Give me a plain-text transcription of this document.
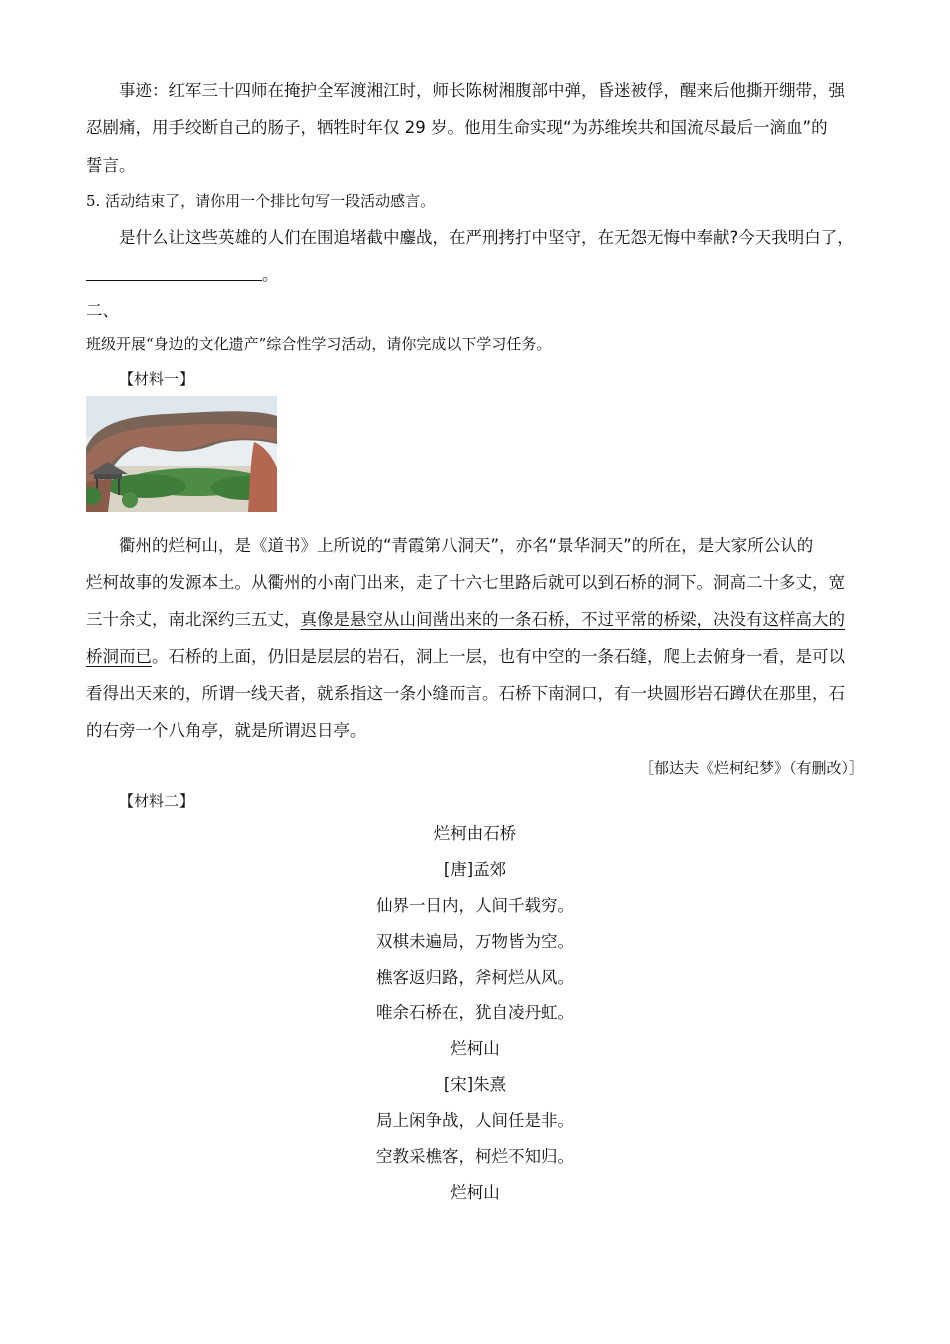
事迹：红军三十四师在掩护全军渡湘江时，师长陈树湘腹部中弹，昏迷被俘，醒来后他撕开绷带，强
忍剧痛，用手绞断自己的肠子，牺牲时年仅 29 岁。他用生命实现“为苏维埃共和国流尽最后一滴血”的
誓言。
5. 活动结束了，请你用一个排比句写一段活动感言。
是什么让这些英雄的人们在围追堵截中鏖战，在严刑拷打中坚守，在无怨无悔中奉献?今天我明白了，
。
二、
班级开展“身边的文化遗产”综合性学习活动，请你完成以下学习任务。
【材料一】
衢州的烂柯山，是《道书》上所说的“青霞第八洞天”，亦名“景华洞天”的所在，是大家所公认的
烂柯故事的发源本土。从衢州的小南门出来，走了十六七里路后就可以到石桥的洞下。洞高二十多丈，宽
三十余丈，南北深约三五丈，真像是悬空从山间凿出来的一条石桥，不过平常的桥梁，决没有这样高大的
桥洞而已。石桥的上面，仍旧是层层的岩石，洞上一层，也有中空的一条石缝，爬上去俯身一看，是可以
看得出天来的，所谓一线天者，就系指这一条小缝而言。石桥下南洞口，有一块圆形岩石蹲伏在那里，石
的右旁一个八角亭，就是所谓迟日亭。
［郁达夫《烂柯纪梦》（有删改）］
【材料二】
烂柯由石桥
[唐]孟郊
仙界一日内，人间千载穷。
双棋未遍局，万物皆为空。
樵客返归路，斧柯烂从风。
唯余石桥在，犹自凌丹虹。
烂柯山
[宋]朱熹
局上闲争战，人间任是非。
空教采樵客，柯烂不知归。
烂柯山
